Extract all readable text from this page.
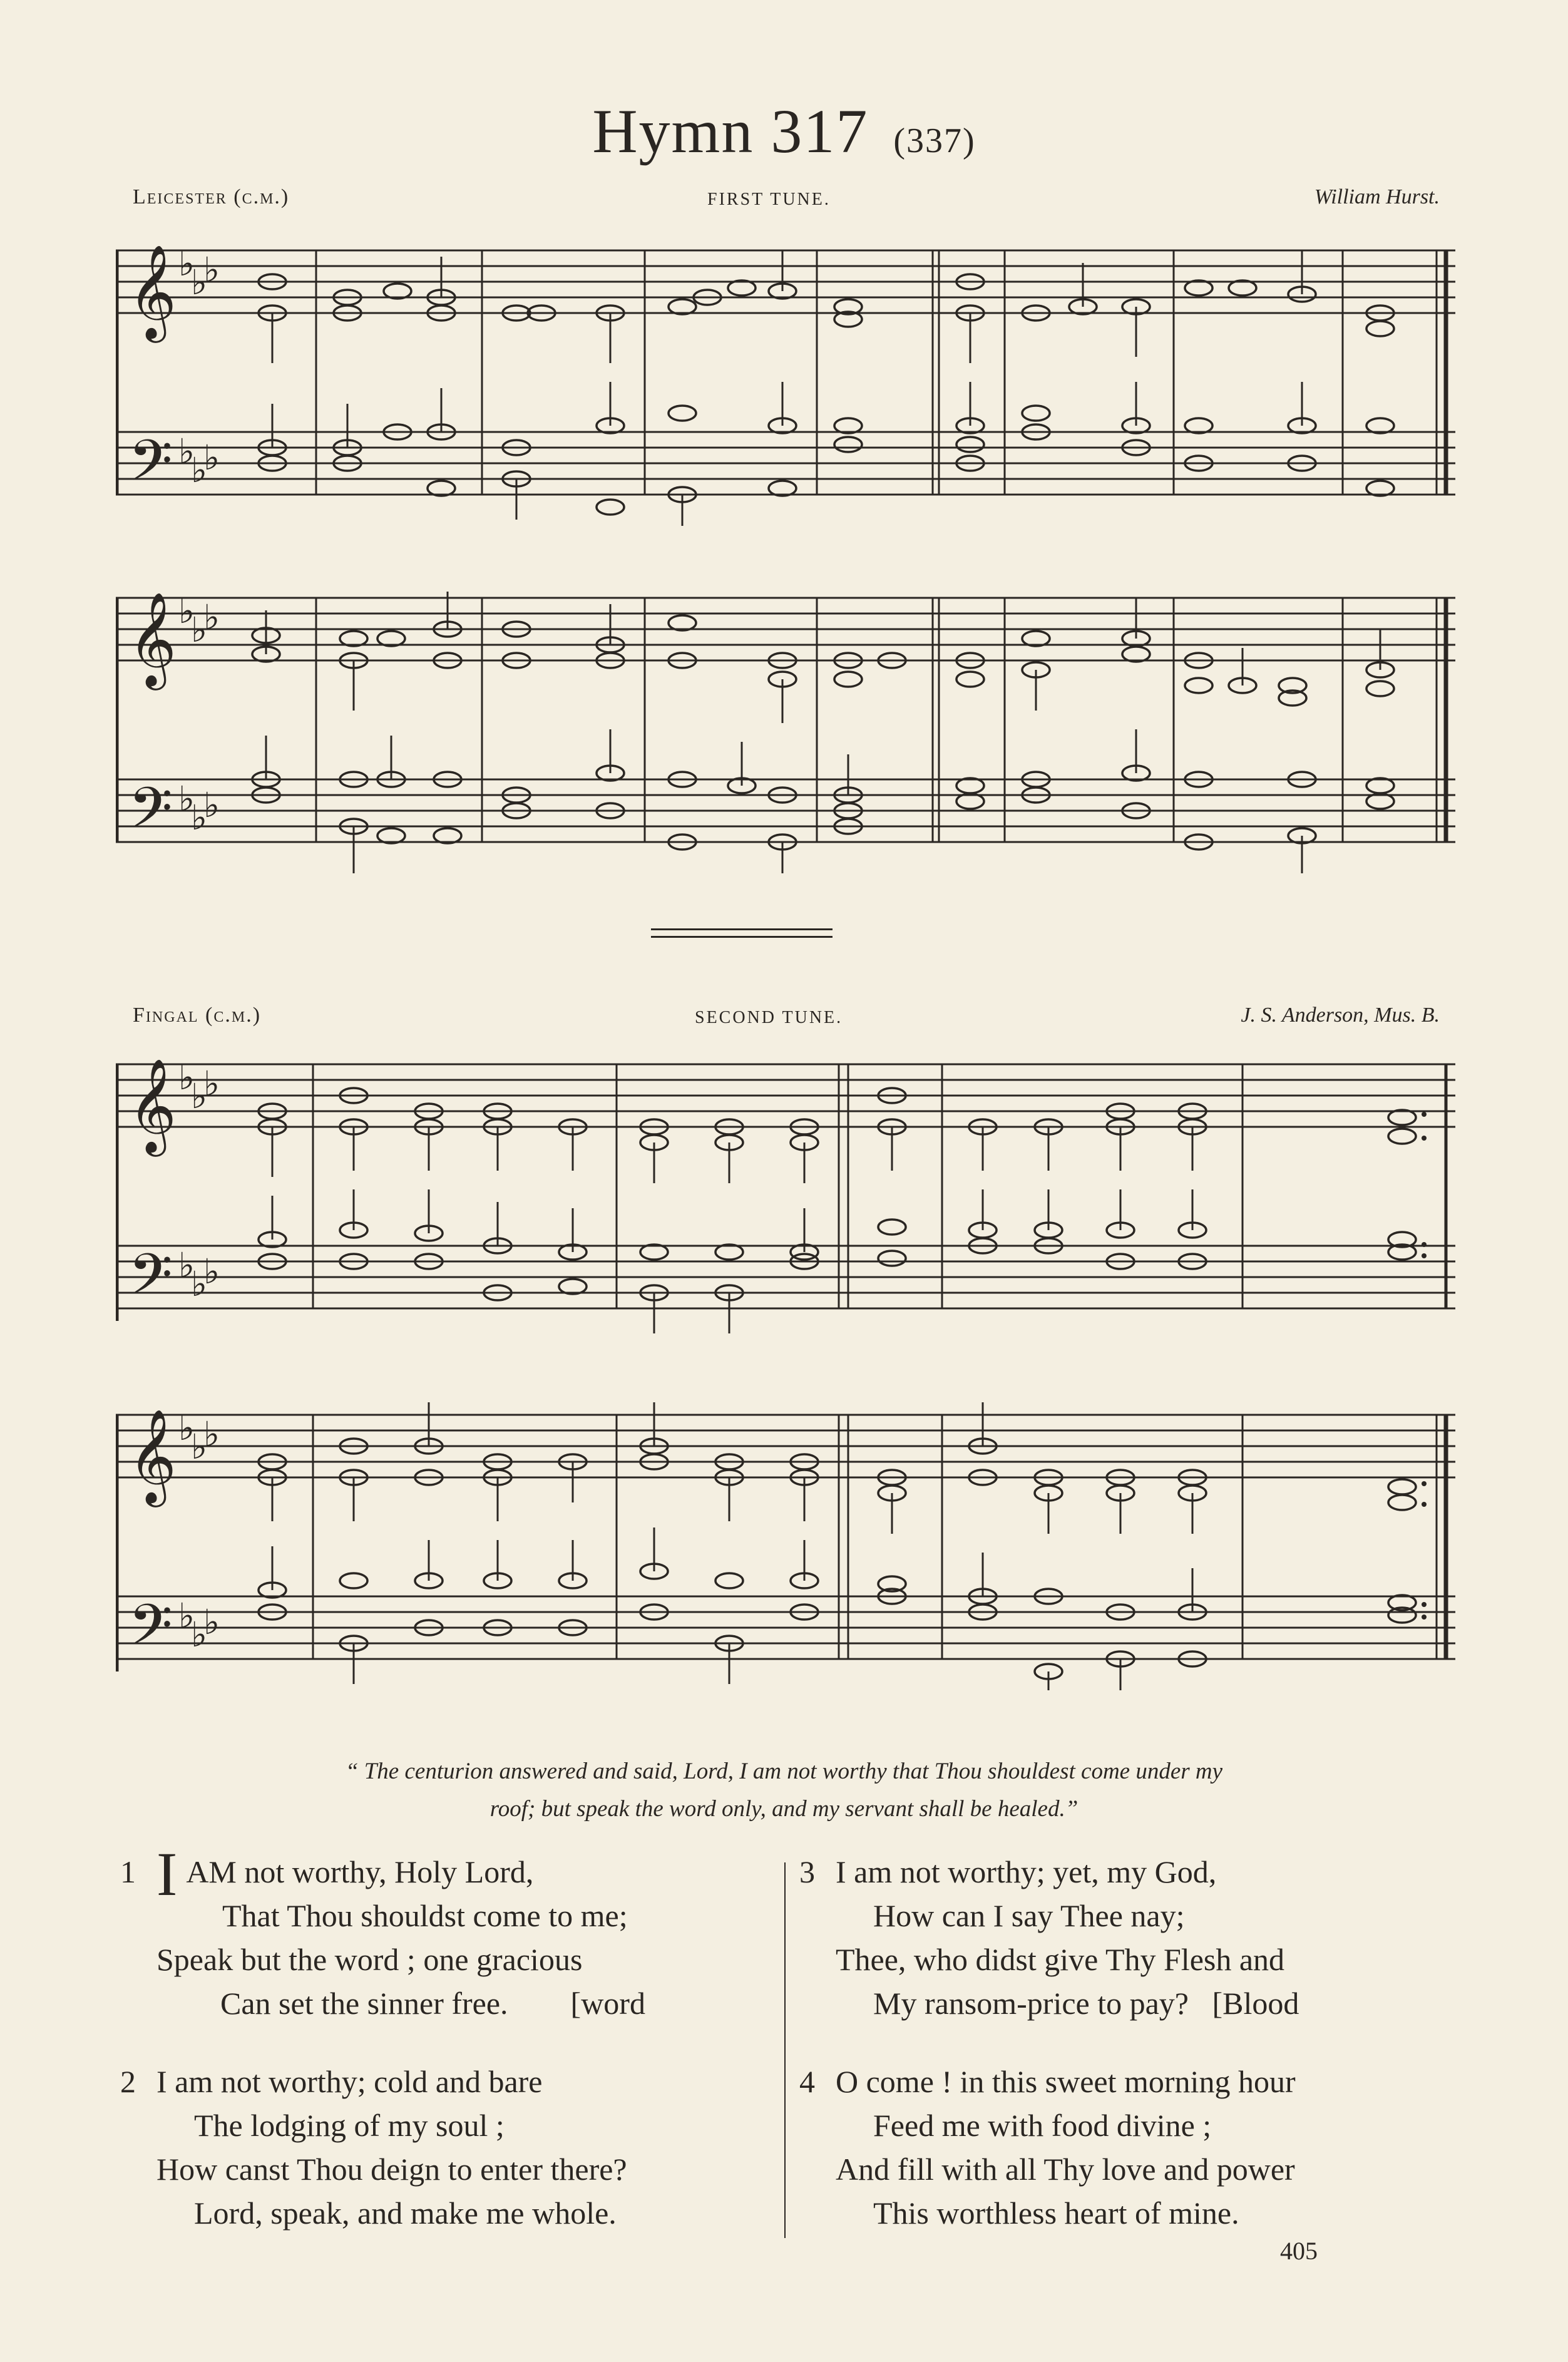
Hymn 317 (337)
Leicester (c.m.)	FIRST TUNE.	William Hurst.
𝄞
𝄢
♭
♭
♭
♭
♭
♭
𝄞
𝄢
♭
♭
♭
♭
♭
♭
Fingal (c.m.)	SECOND TUNE.	J. S. Anderson, Mus. B.
𝄞
𝄢
♭
♭
♭
♭
♭
♭
𝄞
𝄢
♭
♭
♭
♭
♭
♭
“ The centurion answered and said, Lord, I am not worthy that Thou shouldest come under my
roof; but speak the word only, and my servant shall be healed.”
1 I AM not worthy, Holy Lord,
That Thou shouldst come to me;
Speak but the word ; one gracious
Can set the sinner free.        [word
2 I am not worthy; cold and bare
The lodging of my soul ;
How canst Thou deign to enter there?
Lord, speak, and make me whole.
3 I am not worthy; yet, my God,
How can I say Thee nay;
Thee, who didst give Thy Flesh and
My ransom-price to pay?   [Blood
4 O come ! in this sweet morning hour
Feed me with food divine ;
And fill with all Thy love and power
This worthless heart of mine.
405
